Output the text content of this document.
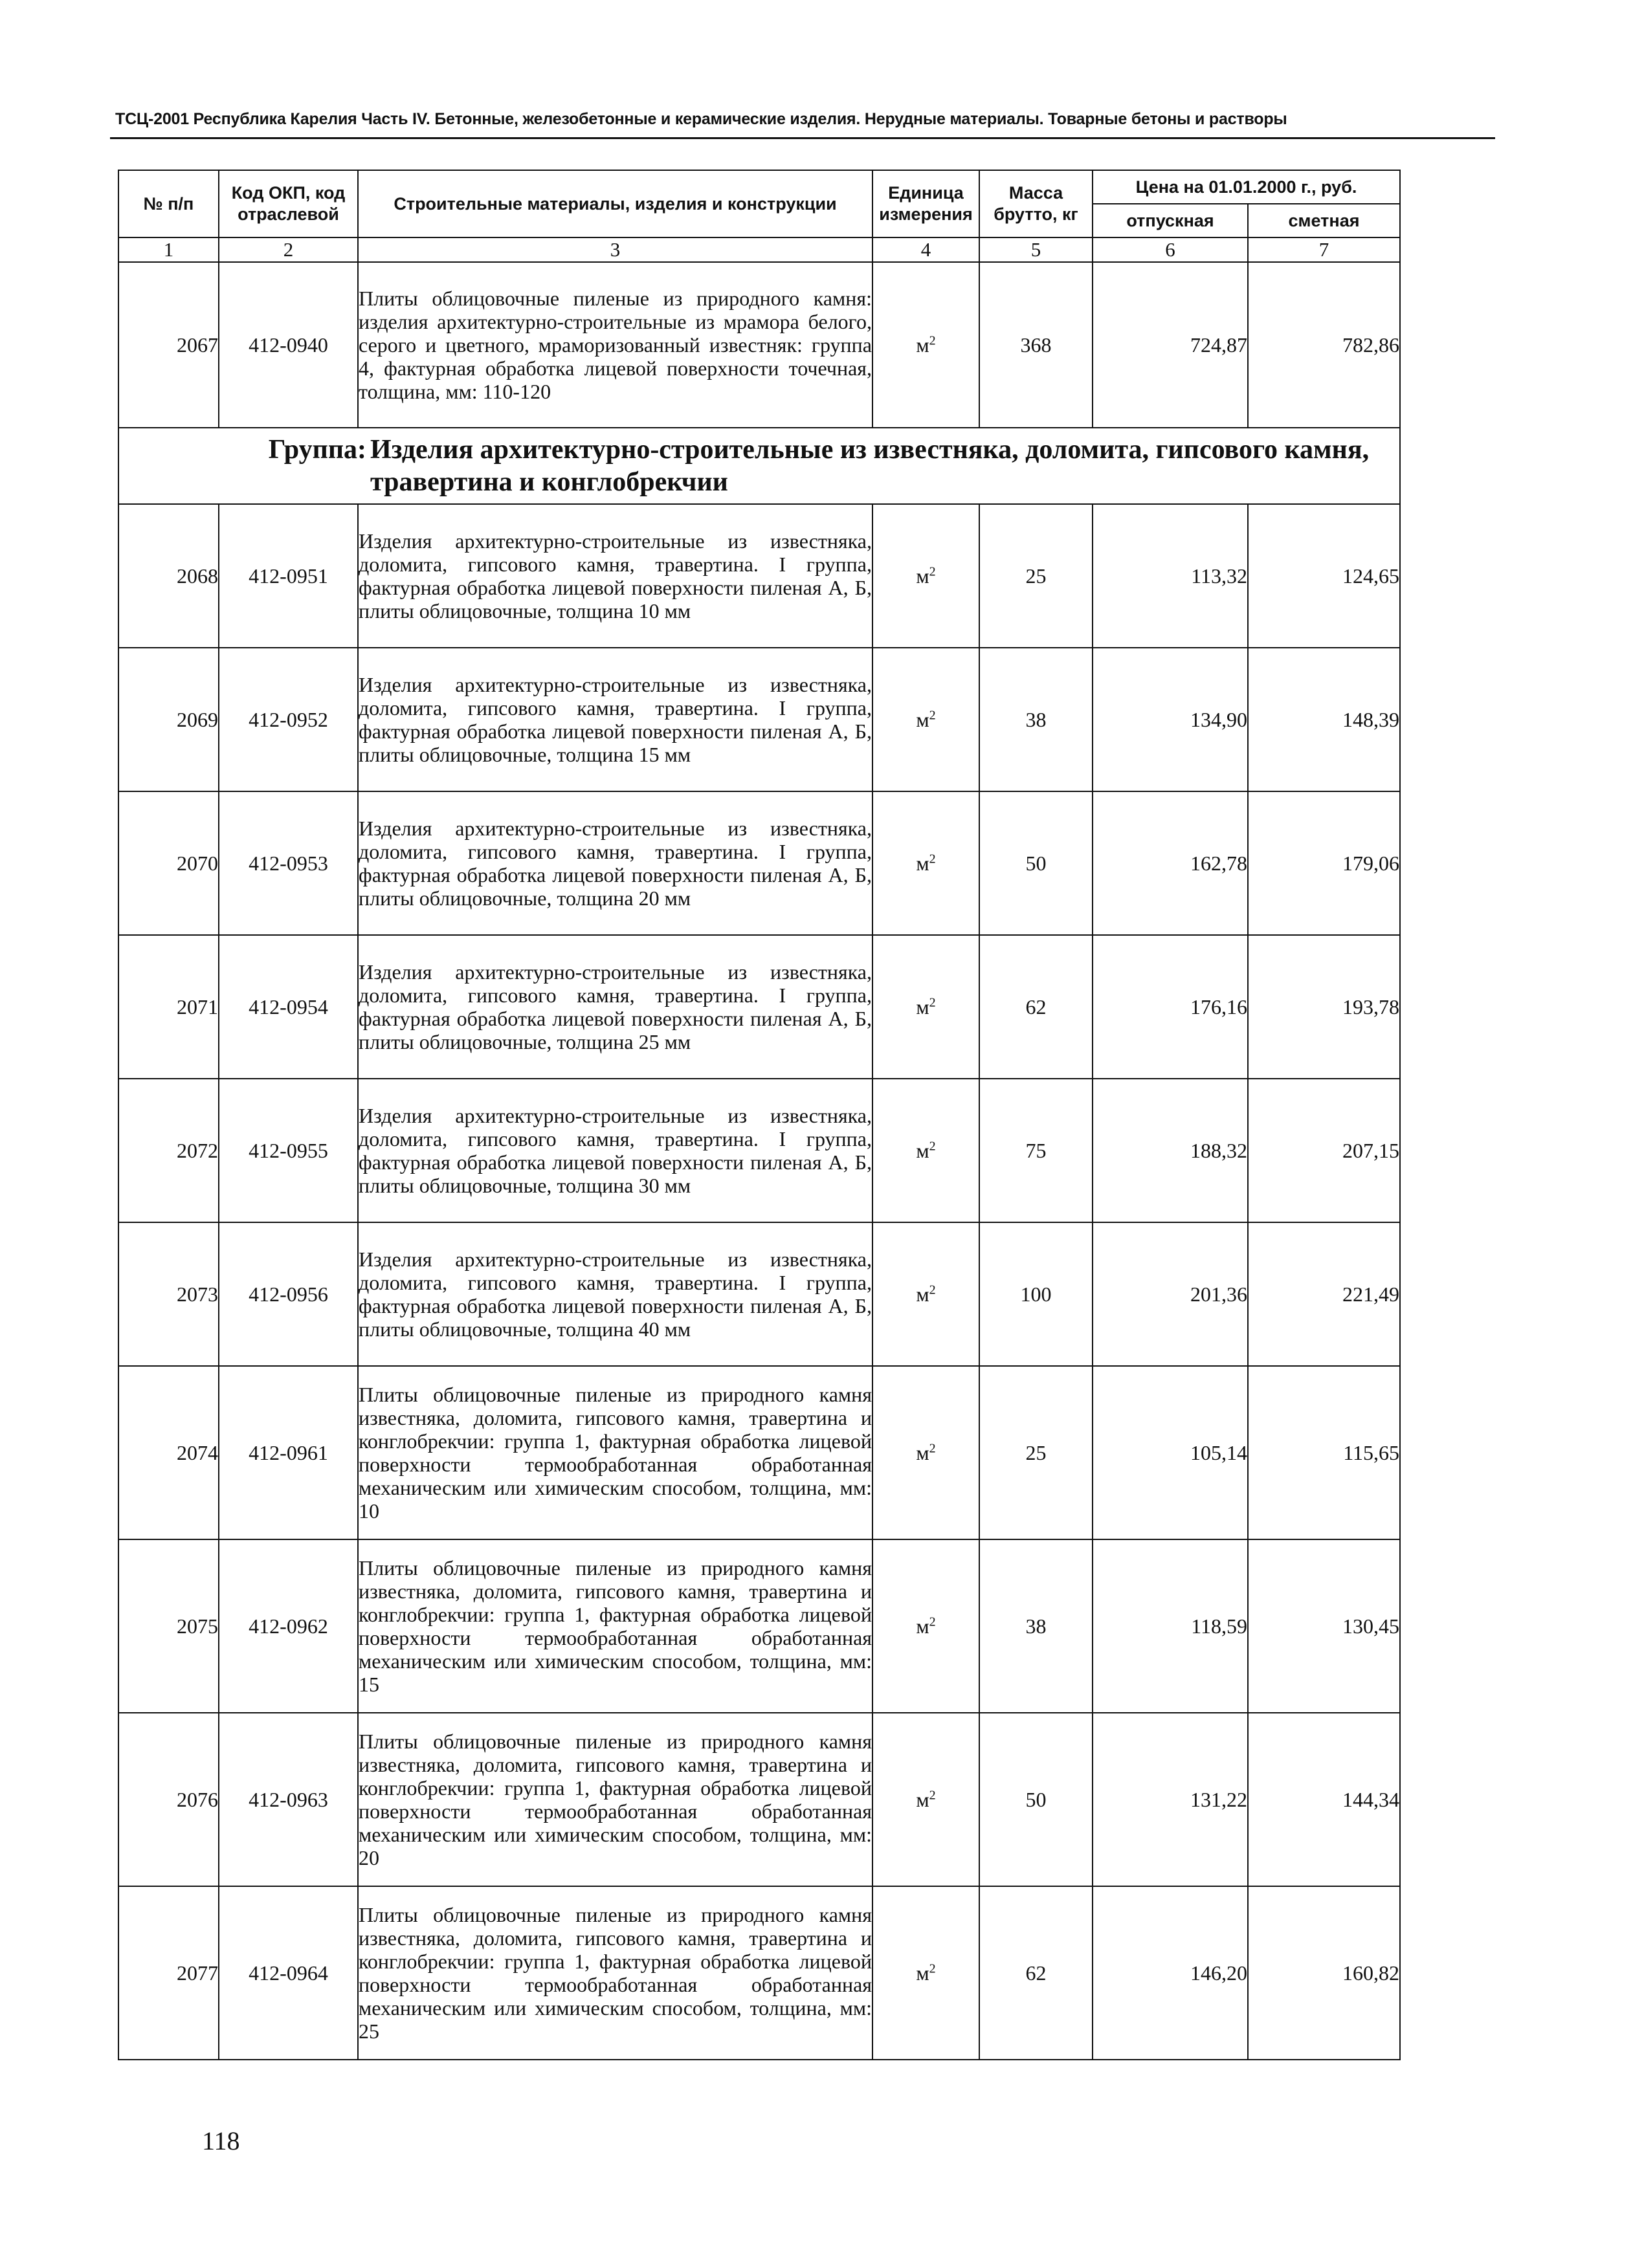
ТСЦ-2001 Республика Карелия Часть IV. Бетонные, железобетонные и керамические изделия. Нерудные материалы. Товарные бетоны и растворы
№ п/п	Код ОКП, код отраслевой	Строительные материалы, изделия и конструкции	Единица измерения	Масса брутто, кг	Цена на 01.01.2000 г., руб.	
					отпускная	сметная
1	2	3	4	5	6	7
2067	412-0940	Плиты облицовочные пиленые из природного камня: изделия архитектурно-строительные из мрамора белого, серого и цветного, мраморизованный известняк: группа 4, фактурная обработка лицевой поверхности точечная, толщина, мм: 110-120	$м^2$	368	724,87	782,86

Группа: Изделия архитектурно-строительные из известняка, доломита, гипсового камня, травертина и конглобрекчии						

2068	412-0951	Изделия архитектурно-строительные из известняка, доломита, гипсового камня, травертина. I группа, фактурная обработка лицевой поверхности пиленая А, Б, плиты облицовочные, толщина 10 мм	$м^2$	25	113,32	124,65
2069	412-0952	Изделия архитектурно-строительные из известняка, доломита, гипсового камня, травертина. I группа, фактурная обработка лицевой поверхности пиленая А, Б, плиты облицовочные, толщина 15 мм	$м^2$	38	134,90	148,39
2070	412-0953	Изделия архитектурно-строительные из известняка, доломита, гипсового камня, травертина. I группа, фактурная обработка лицевой поверхности пиленая А, Б, плиты облицовочные, толщина 20 мм	$м^2$	50	162,78	179,06
2071	412-0954	Изделия архитектурно-строительные из известняка, доломита, гипсового камня, травертина. I группа, фактурная обработка лицевой поверхности пиленая А, Б, плиты облицовочные, толщина 25 мм	$м^2$	62	176,16	193,78
2072	412-0955	Изделия архитектурно-строительные из известняка, доломита, гипсового камня, травертина. I группа, фактурная обработка лицевой поверхности пиленая А, Б, плиты облицовочные, толщина 30 мм	$м^2$	75	188,32	207,15
2073	412-0956	Изделия архитектурно-строительные из известняка, доломита, гипсового камня, травертина. I группа, фактурная обработка лицевой поверхности пиленая А, Б, плиты облицовочные, толщина 40 мм	$м^2$	100	201,36	221,49
2074	412-0961	Плиты облицовочные пиленые из природного камня известняка, доломита, гипсового камня, травертина и конглобрекчии: группа 1, фактурная обработка лицевой поверхности термообработанная обработанная механическим или химическим способом, толщина, мм: 10	$м^2$	25	105,14	115,65
2075	412-0962	Плиты облицовочные пиленые из природного камня известняка, доломита, гипсового камня, травертина и конглобрекчии: группа 1, фактурная обработка лицевой поверхности термообработанная обработанная механическим или химическим способом, толщина, мм: 15	$м^2$	38	118,59	130,45
2076	412-0963	Плиты облицовочные пиленые из природного камня известняка, доломита, гипсового камня, травертина и конглобрекчии: группа 1, фактурная обработка лицевой поверхности термообработанная обработанная механическим или химическим способом, толщина, мм: 20	$м^2$	50	131,22	144,34
2077	412-0964	Плиты облицовочные пиленые из природного камня известняка, доломита, гипсового камня, травертина и конглобрекчии: группа 1, фактурная обработка лицевой поверхности термообработанная обработанная механическим или химическим способом, толщина, мм: 25	$м^2$	62	146,20	160,82
118
